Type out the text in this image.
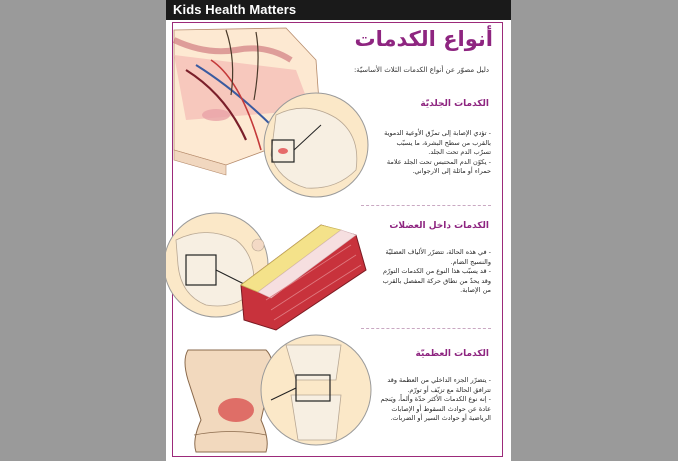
Kids Health Matters
أنواع الكدمات
دليل مصوّر عن أنواع الكدمات الثلاث الأساسيّة:
الكدمات الجلديّة

- تؤدي الإصابة إلى تمزّق الأوعية الدموية بالقرب من سطح البشرة، ما يسبّب تسرّب الدم تحت الجلد.

- يكوّن الدم المحتبس تحت الجلد علامة حمراء أو مائلة إلى الارجواني.

الكدمات داخل العضلات

- في هذه الحالة، تتضرّر الألياف العضليّة والنسيج الضام.

- قد يسبّب هذا النوع من الكدمات التورّم وقد يحدّ من نطاق حركة المفصل بالقرب من الإصابة.

الكدمات العظميّة

- يتضرّر الجزء الداخلي من العظمة وقد تترافق الحالة مع تزيّف أو تورّم.

- إنه نوع الكدمات الأكثر حدّة وألماً، ويَنجم عادة عن حوادث السقوط أو الإصابات الرياضية أو حوادث السير أو الضربات.
